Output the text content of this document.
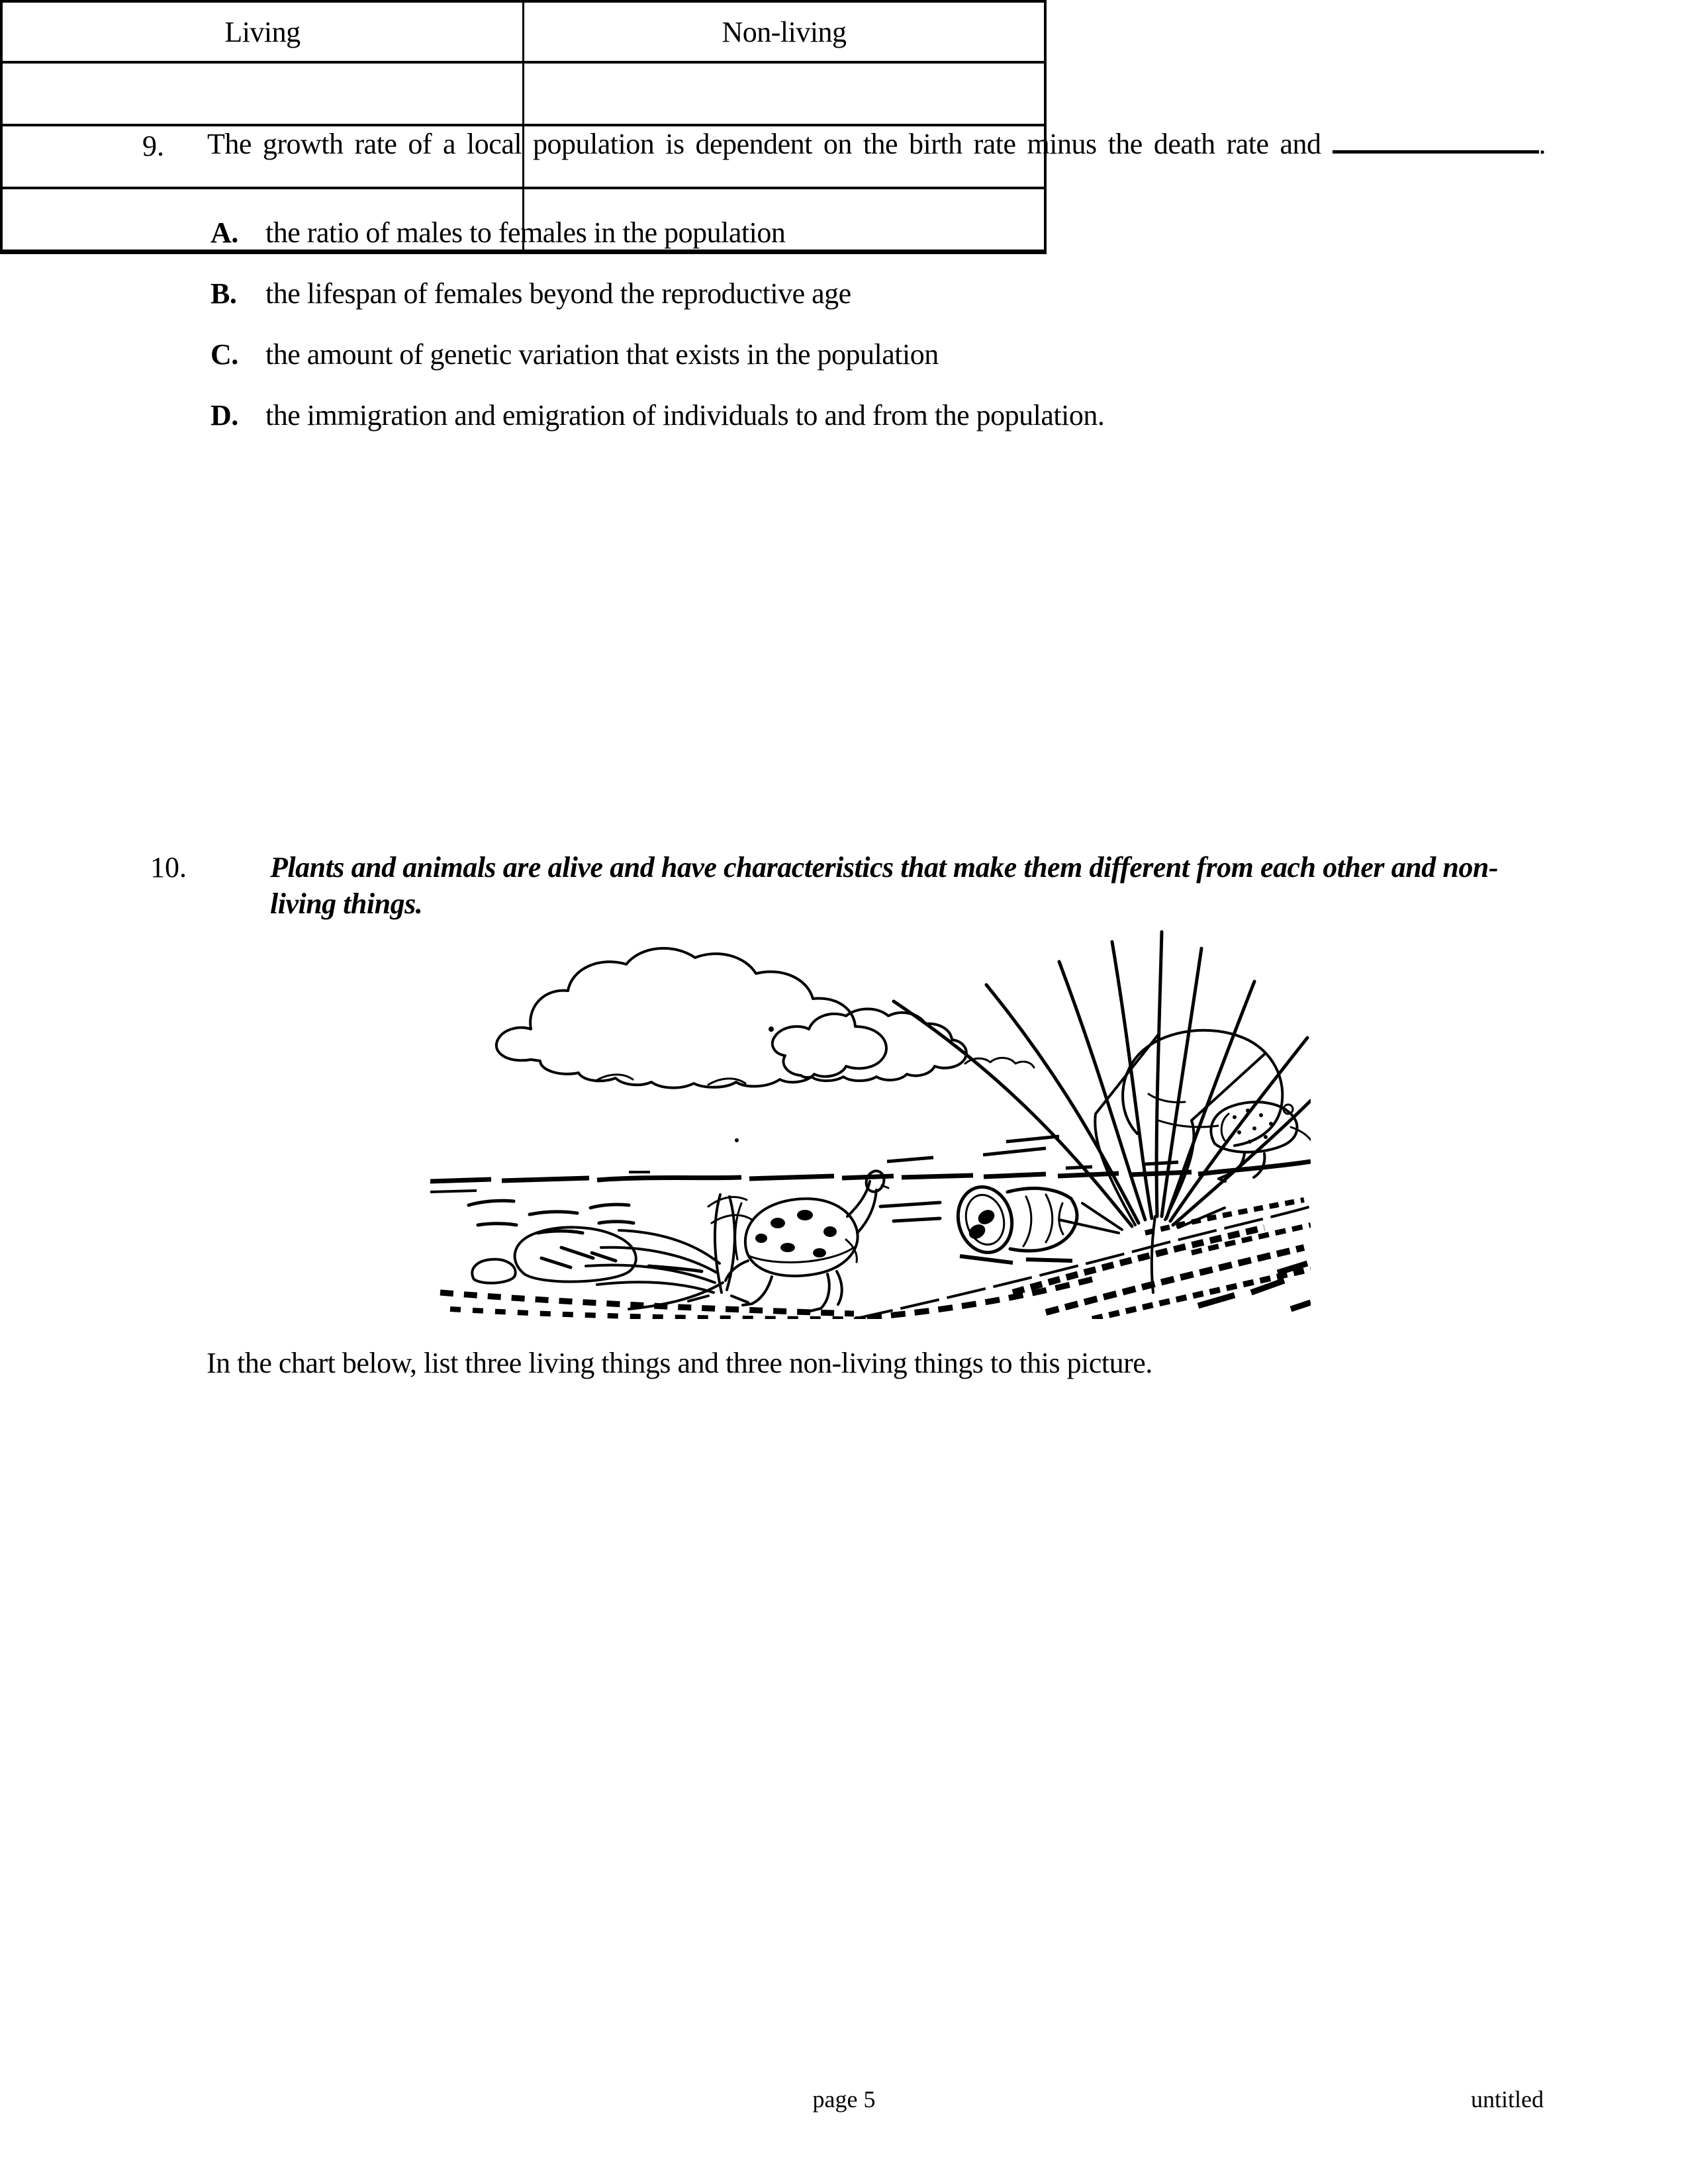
9. The growth rate of a local population is dependent on the birth rate minus the death rate and	.
A. the ratio of males to females in the population
B. the lifespan of females beyond the reproductive age
C. the amount of genetic variation that exists in the population
D. the immigration and emigration of individuals to and from the population.
10.	Plants and animals are alive and have characteristics that make them different from each other and non-living things.
In the chart below, list three living things and three non-living things to this picture.
Living	Non-living

page 5	untitled
